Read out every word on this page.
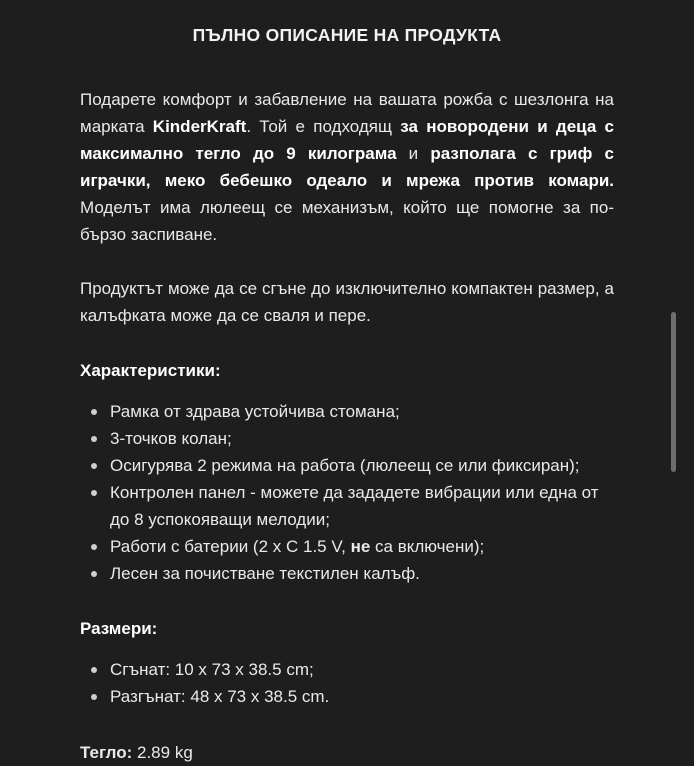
ПЪЛНО ОПИСАНИЕ НА ПРОДУКТА

Подарете комфорт и забавление на вашата рожба с шезлонга на марката KinderKraft. Той е подходящ за новородени и деца с максимално тегло до 9 килограма и разполага с гриф с играчки, меко бебешко одеало и мрежа против комари. Моделът има люлеещ се механизъм, който ще помогне за по-бързо заспиване.

Продуктът може да се сгъне до изключително компактен размер, а калъфката може да се сваля и пере.

Характеристики:
Рамка от здрава устойчива стомана;
3-точков колан;
Осигурява 2 режима на работа (люлеещ се или фиксиран);
Контролен панел - можете да зададете вибрации или една от до 8 успокояващи мелодии;
Работи с батерии (2 x C 1.5 V, не са включени);
Лесен за почистване текстилен калъф.
Размери:
Сгънат: 10 x 73 x 38.5 cm;
Разгънат: 48 x 73 x 38.5 cm.

Тегло: 2.89 kg
